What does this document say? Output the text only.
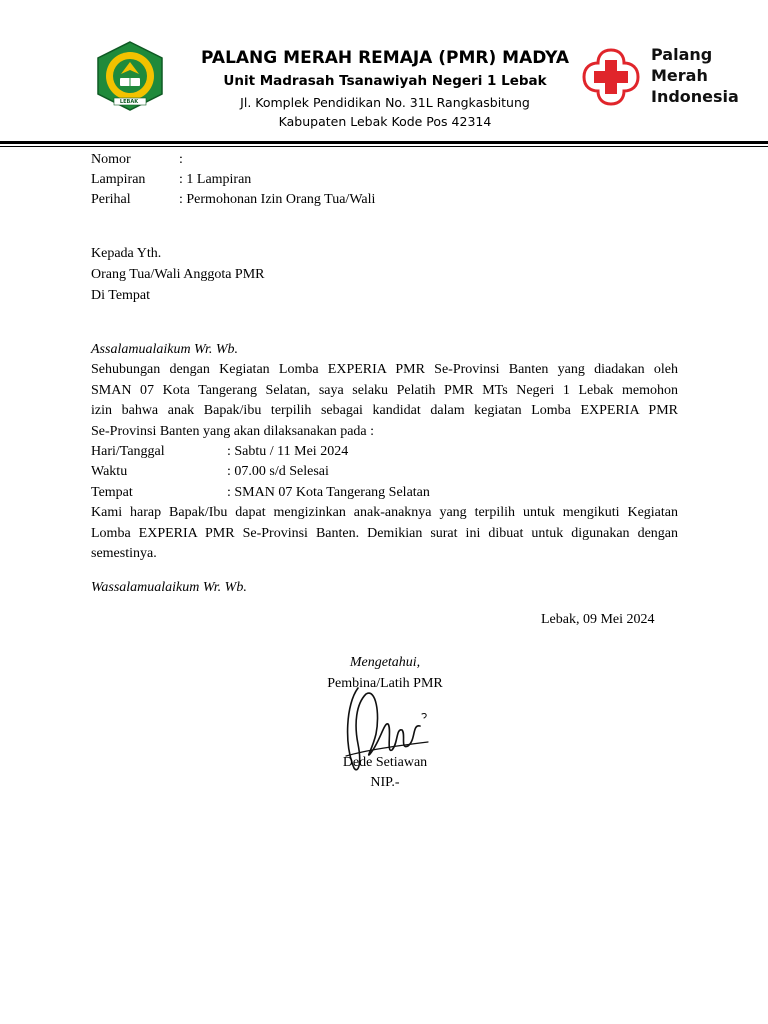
LEBAK
PALANG MERAH REMAJA (PMR) MADYA
Unit Madrasah Tsanawiyah Negeri 1 Lebak
Jl. Komplek Pendidikan No. 31L Rangkasbitung
Kabupaten Lebak Kode Pos 42314
Palang
Merah
Indonesia
Nomor	:
Lampiran : 1 Lampiran
Perihal	: Permohonan Izin Orang Tua/Wali
Kepada Yth.
Orang Tua/Wali Anggota PMR
Di Tempat
Assalamualaikum Wr. Wb.
Sehubungan dengan Kegiatan Lomba EXPERIA PMR Se-Provinsi Banten yang diadakan oleh
SMAN 07 Kota Tangerang Selatan, saya selaku Pelatih PMR MTs Negeri 1 Lebak memohon
izin bahwa anak Bapak/ibu terpilih sebagai kandidat dalam kegiatan Lomba EXPERIA PMR
Se-Provinsi Banten yang akan dilaksanakan pada :
Hari/Tanggal	: Sabtu / 11 Mei 2024
Waktu	: 07.00 s/d Selesai
Tempat	: SMAN 07 Kota Tangerang Selatan
Kami harap Bapak/Ibu dapat mengizinkan anak-anaknya yang terpilih untuk mengikuti Kegiatan
Lomba EXPERIA PMR Se-Provinsi Banten. Demikian surat ini dibuat untuk digunakan dengan
semestinya.
Wassalamualaikum Wr. Wb.
Lebak, 09 Mei 2024
Mengetahui,
Pembina/Latih PMR
Dede Setiawan
NIP.-
